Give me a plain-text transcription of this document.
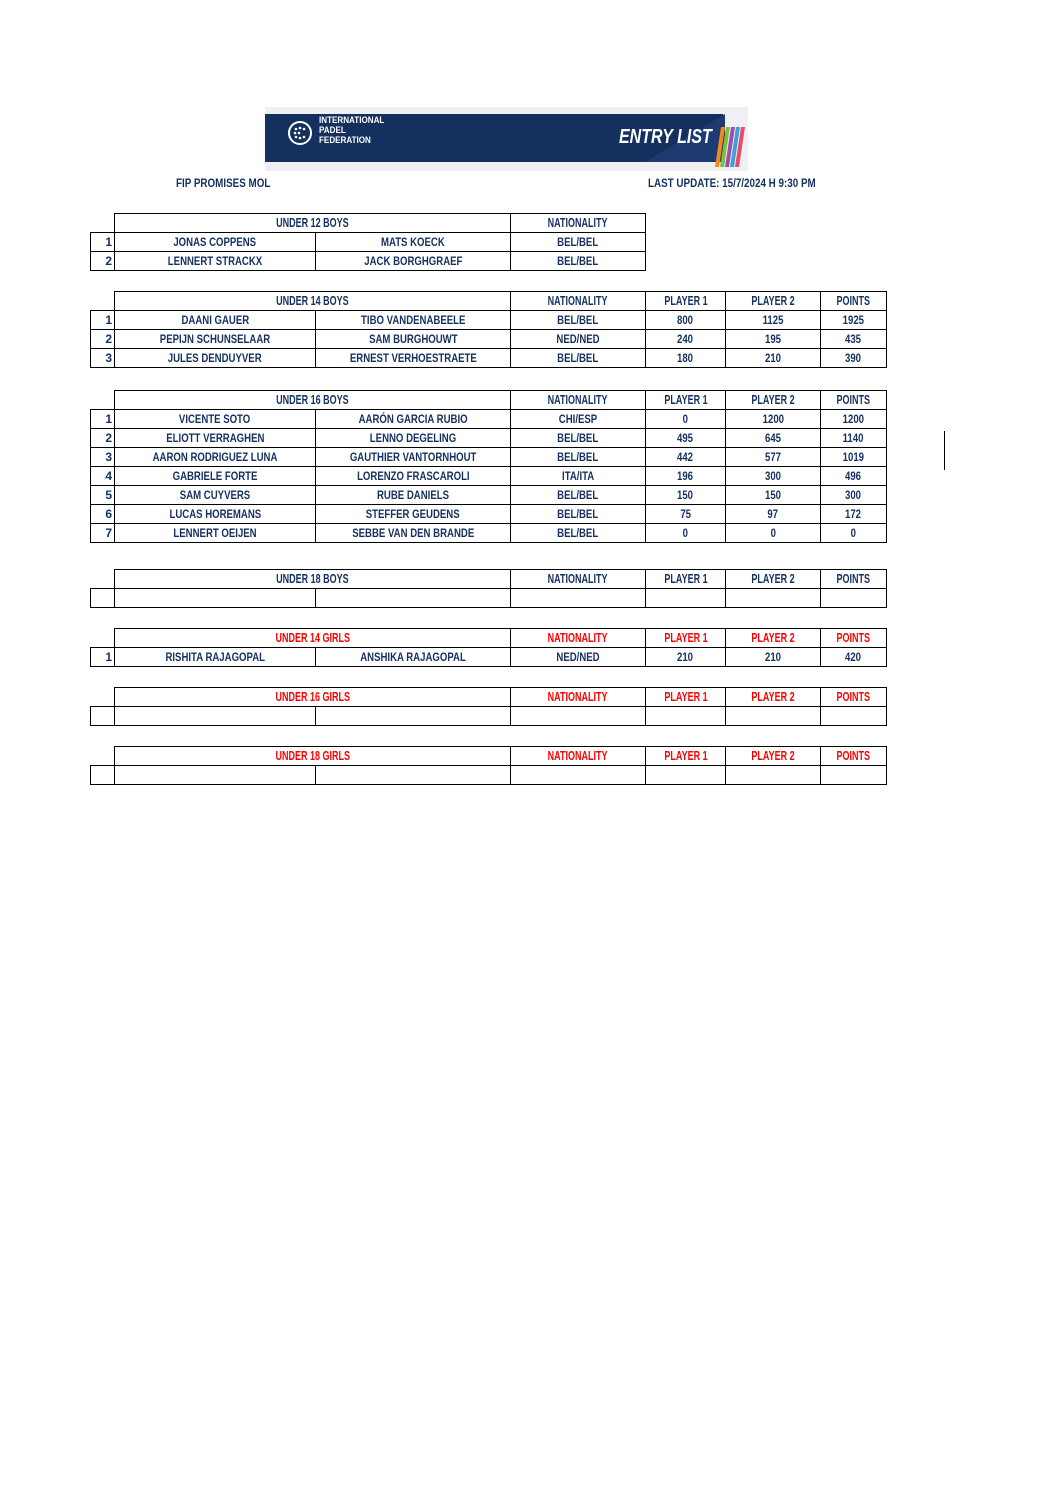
INTERNATIONAL
PADEL
FEDERATION	ENTRY LIST
FIP PROMISES MOL	LAST UPDATE: 15/7/2024 H 9:30 PM
	UNDER 12 BOYS		NATIONALITY
1	JONAS COPPENS	MATS KOECK	BEL/BEL
2	LENNERT STRACKX	JACK BORGHGRAEF	BEL/BEL
	UNDER 14 BOYS		NATIONALITY	PLAYER 1	PLAYER 2	POINTS
1	DAANI GAUER	TIBO VANDENABEELE	BEL/BEL	800	1125	1925
2	PEPIJN SCHUNSELAAR	SAM BURGHOUWT	NED/NED	240	195	435
3	JULES DENDUYVER	ERNEST VERHOESTRAETE	BEL/BEL	180	210	390
	UNDER 16 BOYS		NATIONALITY	PLAYER 1	PLAYER 2	POINTS
1	VICENTE SOTO	AARÓN GARCIA RUBIO	CHI/ESP	0	1200	1200
2	ELIOTT VERRAGHEN	LENNO DEGELING	BEL/BEL	495	645	1140
3	AARON RODRIGUEZ LUNA	GAUTHIER VANTORNHOUT	BEL/BEL	442	577	1019
4	GABRIELE FORTE	LORENZO FRASCAROLI	ITA/ITA	196	300	496
5	SAM CUYVERS	RUBE DANIELS	BEL/BEL	150	150	300
6	LUCAS HOREMANS	STEFFER GEUDENS	BEL/BEL	75	97	172
7	LENNERT OEIJEN	SEBBE VAN DEN BRANDE	BEL/BEL	0	0	0
	UNDER 18 BOYS		NATIONALITY	PLAYER 1	PLAYER 2	POINTS

	UNDER 14 GIRLS		NATIONALITY	PLAYER 1	PLAYER 2	POINTS
1	RISHITA RAJAGOPAL	ANSHIKA RAJAGOPAL	NED/NED	210	210	420
	UNDER 16 GIRLS		NATIONALITY	PLAYER 1	PLAYER 2	POINTS

	UNDER 18 GIRLS		NATIONALITY	PLAYER 1	PLAYER 2	POINTS
